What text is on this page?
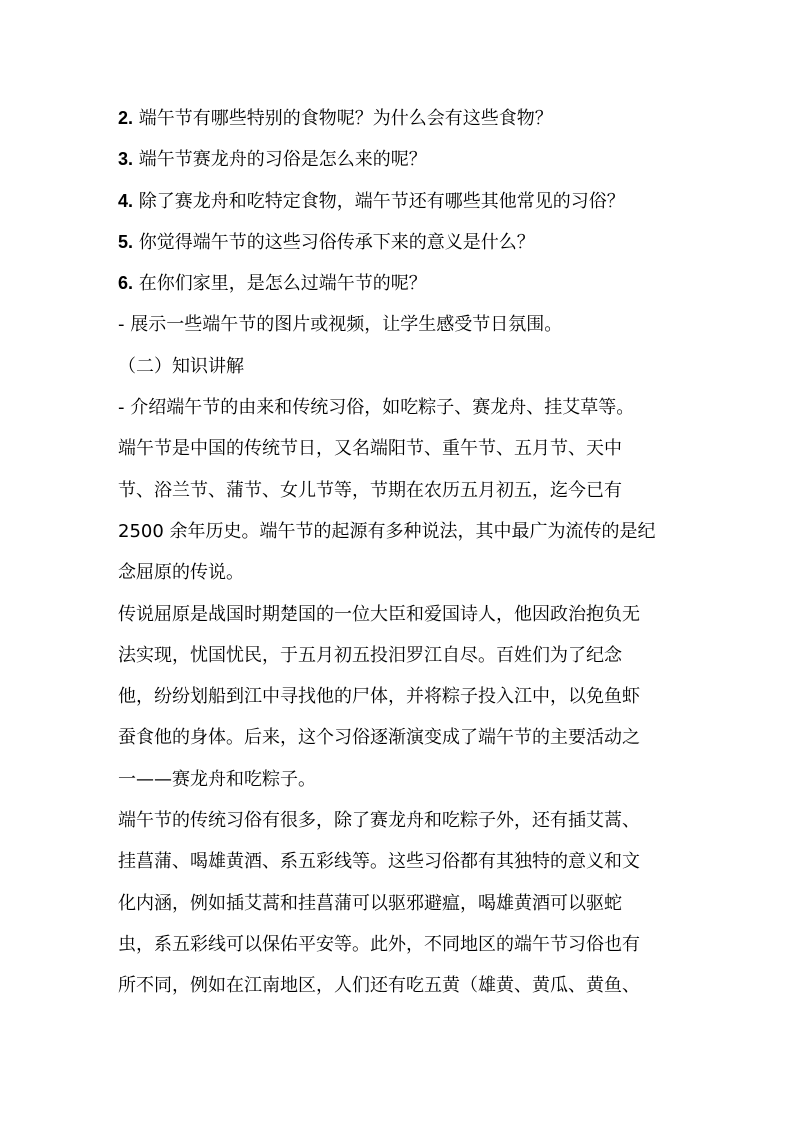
2. 端午节有哪些特别的食物呢？为什么会有这些食物？
3. 端午节赛龙舟的习俗是怎么来的呢？
4. 除了赛龙舟和吃特定食物，端午节还有哪些其他常见的习俗？
5. 你觉得端午节的这些习俗传承下来的意义是什么？
6. 在你们家里，是怎么过端午节的呢？
- 展示一些端午节的图片或视频，让学生感受节日氛围。
（二）知识讲解
- 介绍端午节的由来和传统习俗，如吃粽子、赛龙舟、挂艾草等。
端午节是中国的传统节日，又名端阳节、重午节、五月节、天中
节、浴兰节、蒲节、女儿节等，节期在农历五月初五，迄今已有
2500 余年历史。端午节的起源有多种说法，其中最广为流传的是纪
念屈原的传说。
传说屈原是战国时期楚国的一位大臣和爱国诗人，他因政治抱负无
法实现，忧国忧民，于五月初五投汨罗江自尽。百姓们为了纪念
他，纷纷划船到江中寻找他的尸体，并将粽子投入江中，以免鱼虾
蚕食他的身体。后来，这个习俗逐渐演变成了端午节的主要活动之
一——赛龙舟和吃粽子。
端午节的传统习俗有很多，除了赛龙舟和吃粽子外，还有插艾蒿、
挂菖蒲、喝雄黄酒、系五彩线等。这些习俗都有其独特的意义和文
化内涵，例如插艾蒿和挂菖蒲可以驱邪避瘟，喝雄黄酒可以驱蛇
虫，系五彩线可以保佑平安等。此外，不同地区的端午节习俗也有
所不同，例如在江南地区，人们还有吃五黄（雄黄、黄瓜、黄鱼、
